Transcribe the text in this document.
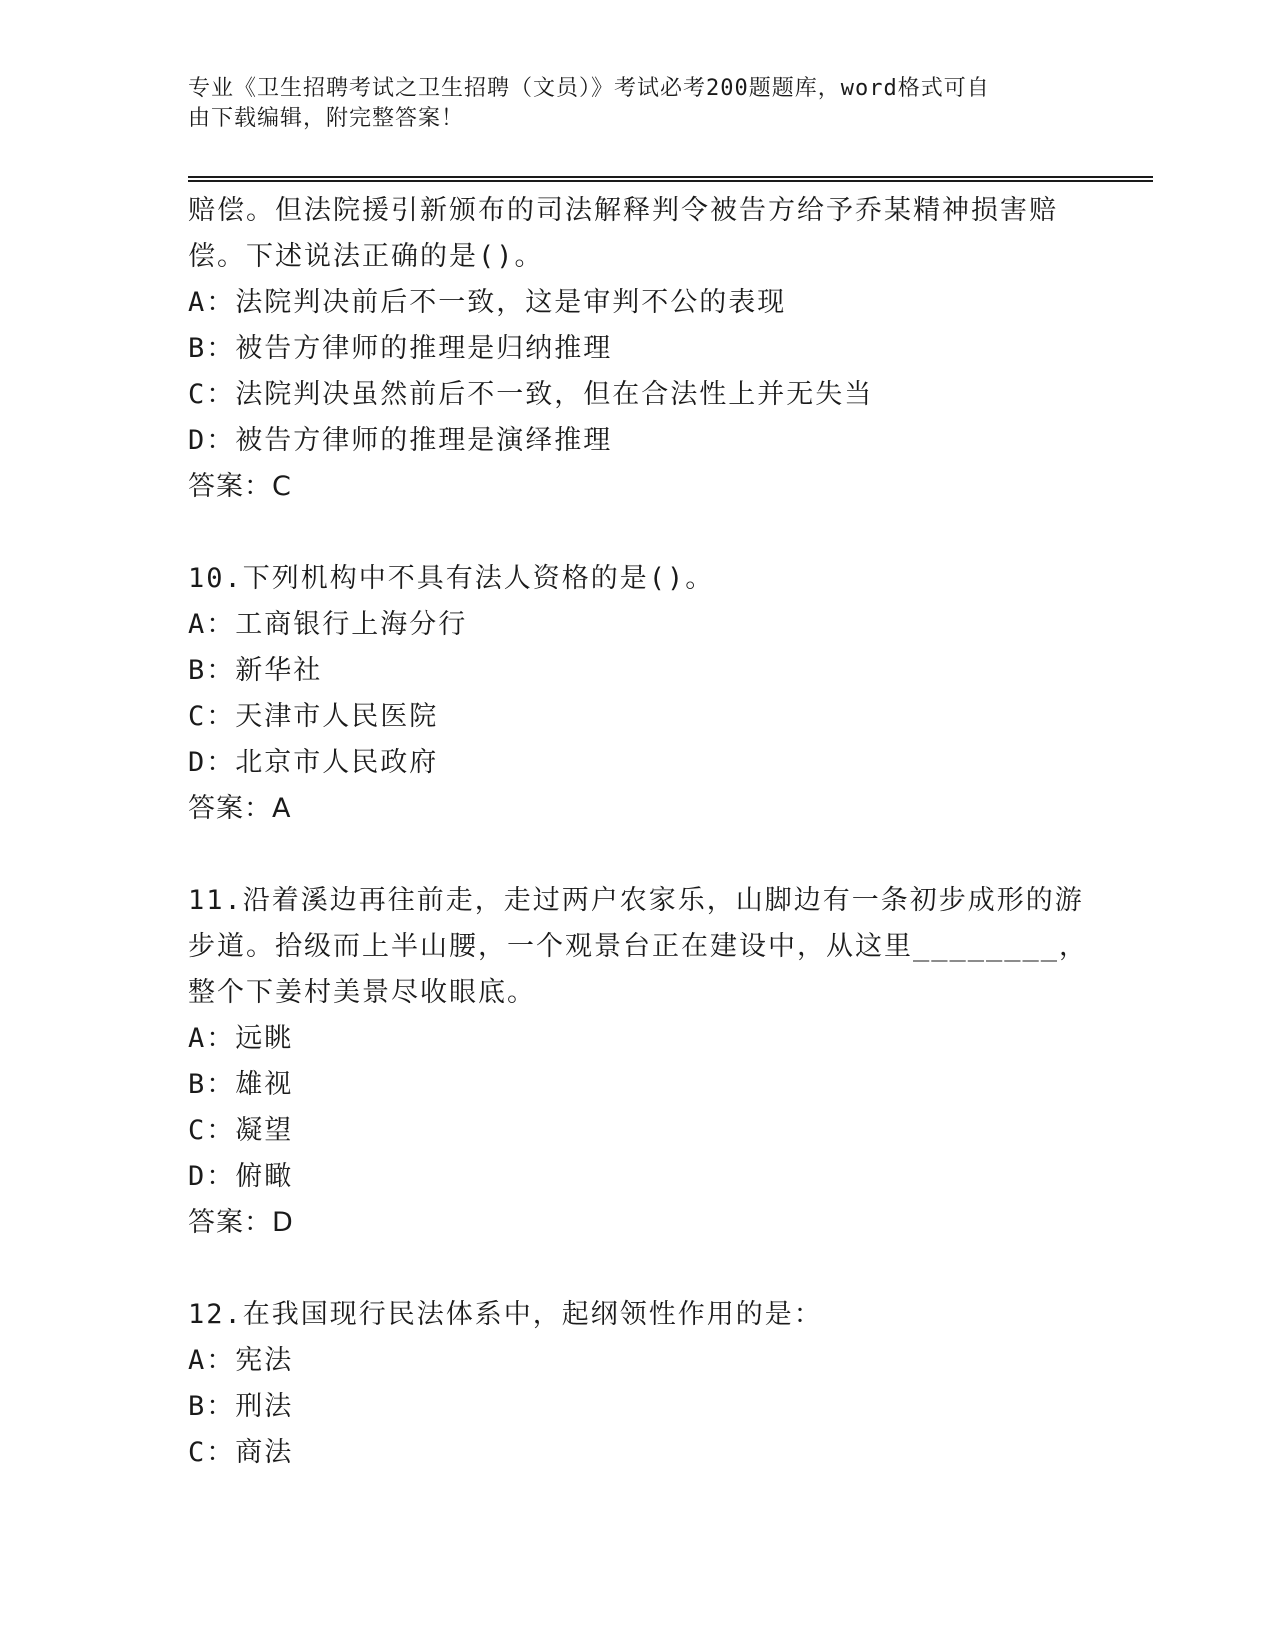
专业《卫生招聘考试之卫生招聘（文员）》考试必考200题题库，word格式可自
由下载编辑，附完整答案！
赔偿。但法院援引新颁布的司法解释判令被告方给予乔某精神损害赔
偿。下述说法正确的是()。
A：法院判决前后不一致，这是审判不公的表现
B：被告方律师的推理是归纳推理
C：法院判决虽然前后不一致，但在合法性上并无失当
D：被告方律师的推理是演绎推理
答案：C
10.下列机构中不具有法人资格的是()。
A：工商银行上海分行
B：新华社
C：天津市人民医院
D：北京市人民政府
答案：A
11.沿着溪边再往前走，走过两户农家乐，山脚边有一条初步成形的游
步道。拾级而上半山腰，一个观景台正在建设中，从这里________，
整个下姜村美景尽收眼底。
A：远眺
B：雄视
C：凝望
D：俯瞰
答案：D
12.在我国现行民法体系中，起纲领性作用的是：
A：宪法
B：刑法
C：商法
